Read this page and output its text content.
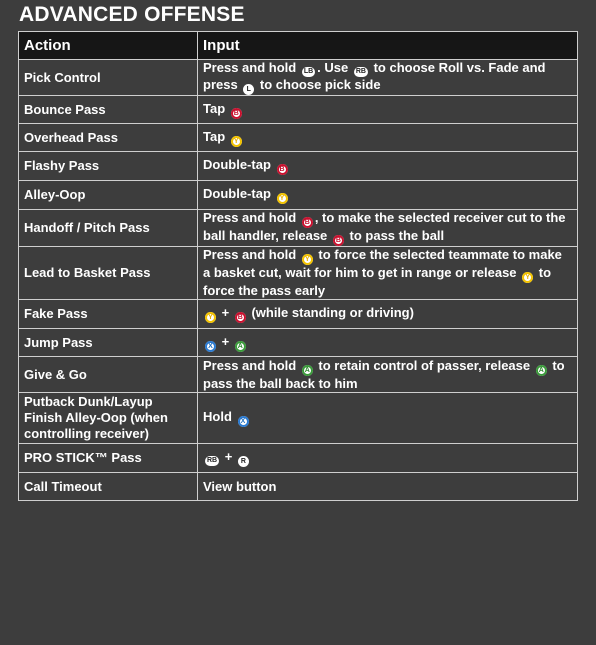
ADVANCED OFFENSE
Action	Input
Pick Control	Press and hold LB . Use RB to choose Roll vs. Fade and press L to choose pick side
Bounce Pass	Tap B
Overhead Pass	Tap Y
Flashy Pass	Double-tap B
Alley-Oop	Double-tap Y
Handoff / Pitch Pass	Press and hold B , to make the selected receiver cut to the ball handler, release B to pass the ball
Lead to Basket Pass	Press and hold Y to force the selected teammate to make a basket cut, wait for him to get in range or release Y to force the pass early
Fake Pass	Y + B (while standing or driving)
Jump Pass	X + A
Give & Go	Press and hold A to retain control of passer, release A to pass the ball back to him
Putback Dunk/Layup Finish Alley-Oop (when controlling receiver)	Hold X
PRO STICK™ Pass	RB + R
Call Timeout	View button
